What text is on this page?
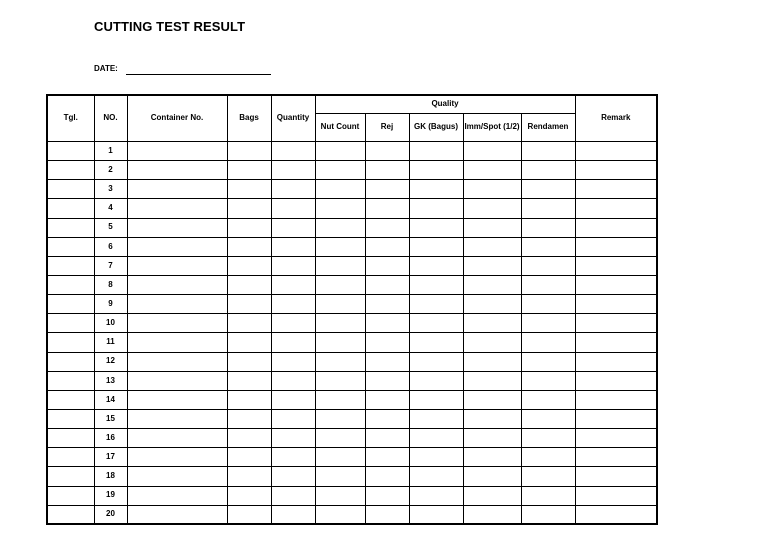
CUTTING TEST RESULT
DATE:
Tgl.	NO.	Container No.	Bags	Quantity	Quality					Remark
					Nut Count	Rej	GK (Bagus)	Imm/Spot (1/2)	Rendamen	
	1									
	2									
	3									
	4									
	5									
	6									
	7									
	8									
	9									
	10									
	11									
	12									
	13									
	14									
	15									
	16									
	17									
	18									
	19									
	20									
